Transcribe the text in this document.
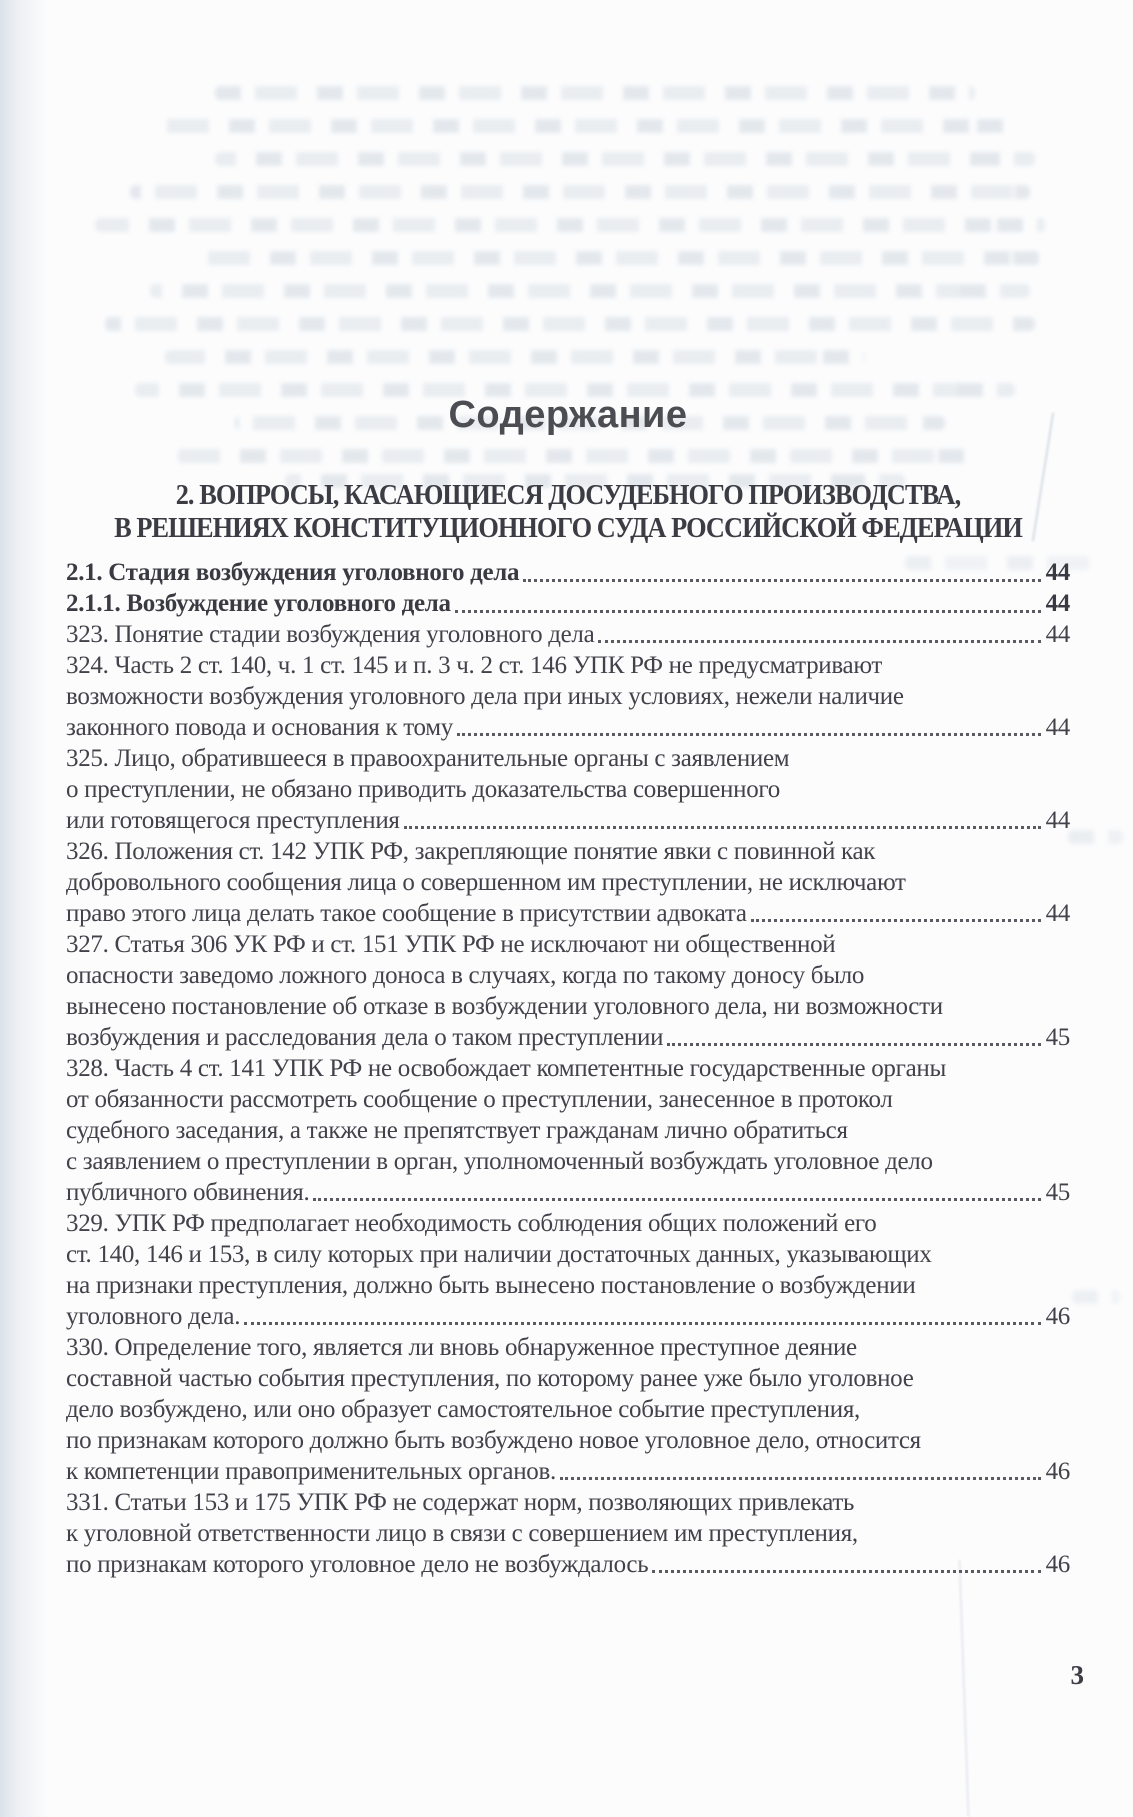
Содержание
2. ВОПРОСЫ, КАСАЮЩИЕСЯ ДОСУДЕБНОГО ПРОИЗВОДСТВА,
В РЕШЕНИЯХ КОНСТИТУЦИОННОГО СУДА РОССИЙСКОЙ ФЕДЕРАЦИИ
2.1. Стадия возбуждения уголовного дела	44
2.1.1. Возбуждение уголовного дела	44
323. Понятие стадии возбуждения уголовного дела	44
324. Часть 2 ст. 140, ч. 1 ст. 145 и п. 3 ч. 2 ст. 146 УПК РФ не предусматривают
возможности возбуждения уголовного дела при иных условиях, нежели наличие
законного повода и основания к тому	44
325. Лицо, обратившееся в правоохранительные органы с заявлением
о преступлении, не обязано приводить доказательства совершенного
или готовящегося преступления	44
326. Положения ст. 142 УПК РФ, закрепляющие понятие явки с повинной как
добровольного сообщения лица о совершенном им преступлении, не исключают
право этого лица делать такое сообщение в присутствии адвоката	44
327. Статья 306 УК РФ и ст. 151 УПК РФ не исключают ни общественной
опасности заведомо ложного доноса в случаях, когда по такому доносу было
вынесено постановление об отказе в возбуждении уголовного дела, ни возможности
возбуждения и расследования дела о таком преступлении	45
328. Часть 4 ст. 141 УПК РФ не освобождает компетентные государственные органы
от обязанности рассмотреть сообщение о преступлении, занесенное в протокол
судебного заседания, а также не препятствует гражданам лично обратиться
с заявлением о преступлении в орган, уполномоченный возбуждать уголовное дело
публичного обвинения.	45
329. УПК РФ предполагает необходимость соблюдения общих положений его
ст. 140, 146 и 153, в силу которых при наличии достаточных данных, указывающих
на признаки преступления, должно быть вынесено постановление о возбуждении
уголовного дела.	46
330. Определение того, является ли вновь обнаруженное преступное деяние
составной частью события преступления, по которому ранее уже было уголовное
дело возбуждено, или оно образует самостоятельное событие преступления,
по признакам которого должно быть возбуждено новое уголовное дело, относится
к компетенции правоприменительных органов.	46
331. Статьи 153 и 175 УПК РФ не содержат норм, позволяющих привлекать
к уголовной ответственности лицо в связи с совершением им преступления,
по признакам которого уголовное дело не возбуждалось	46
3
